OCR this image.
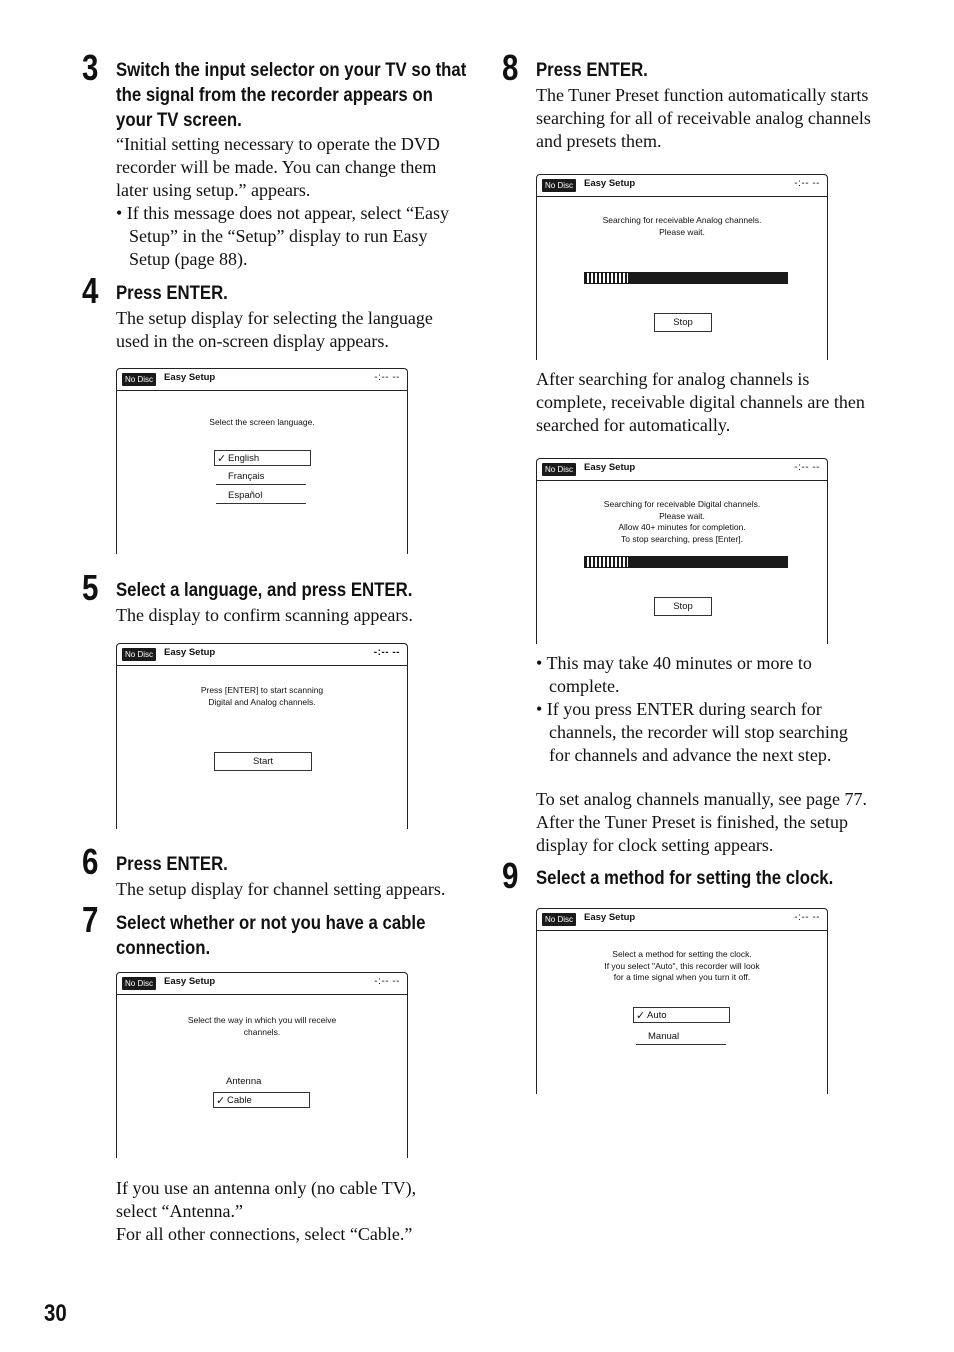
3 Switch the input selector on your TV so that
the signal from the recorder appears on
your TV screen.

“Initial setting necessary to operate the DVD

recorder will be made. You can change them

later using setup.” appears.

• If this message does not appear, select “Easy

Setup” in the “Setup” display to run Easy

Setup (page 88).

4 Press ENTER.

The setup display for selecting the language

used in the on-screen display appears.

No Disc	Easy Setup	-:-- --
Select the screen language.
✓ English
Français
Español
5 Select a language, and press ENTER.
The display to confirm scanning appears.
No Disc	Easy Setup	-:-- --
Press [ENTER] to start scanning
Digital and Analog channels.
Start
6 Press ENTER.
The setup display for channel setting appears.
7 Select whether or not you have a cable
connection.
No Disc	Easy Setup	-:-- --
Select the way in which you will receive
channels.
Antenna
✓ Cable

If you use an antenna only (no cable TV),

select “Antenna.”

For all other connections, select “Cable.”

8 Press ENTER.

The Tuner Preset function automatically starts

searching for all of receivable analog channels

and presets them.

No Disc	Easy Setup	-:-- --
Searching for receivable Analog channels.
Please wait.
Stop

After searching for analog channels is

complete, receivable digital channels are then

searched for automatically.

No Disc	Easy Setup	-:-- --
Searching for receivable Digital channels.
Please wait.
Allow 40+ minutes for completion.
To stop searching, press [Enter].
Stop

• This may take 40 minutes or more to

complete.

• If you press ENTER during search for

channels, the recorder will stop searching

for channels and advance the next step.

To set analog channels manually, see page 77.

After the Tuner Preset is finished, the setup

display for clock setting appears.

9 Select a method for setting the clock.
No Disc	Easy Setup	-:-- --
Select a method for setting the clock.
If you select "Auto", this recorder will look
for a time signal when you turn it off.
✓ Auto
Manual
30
